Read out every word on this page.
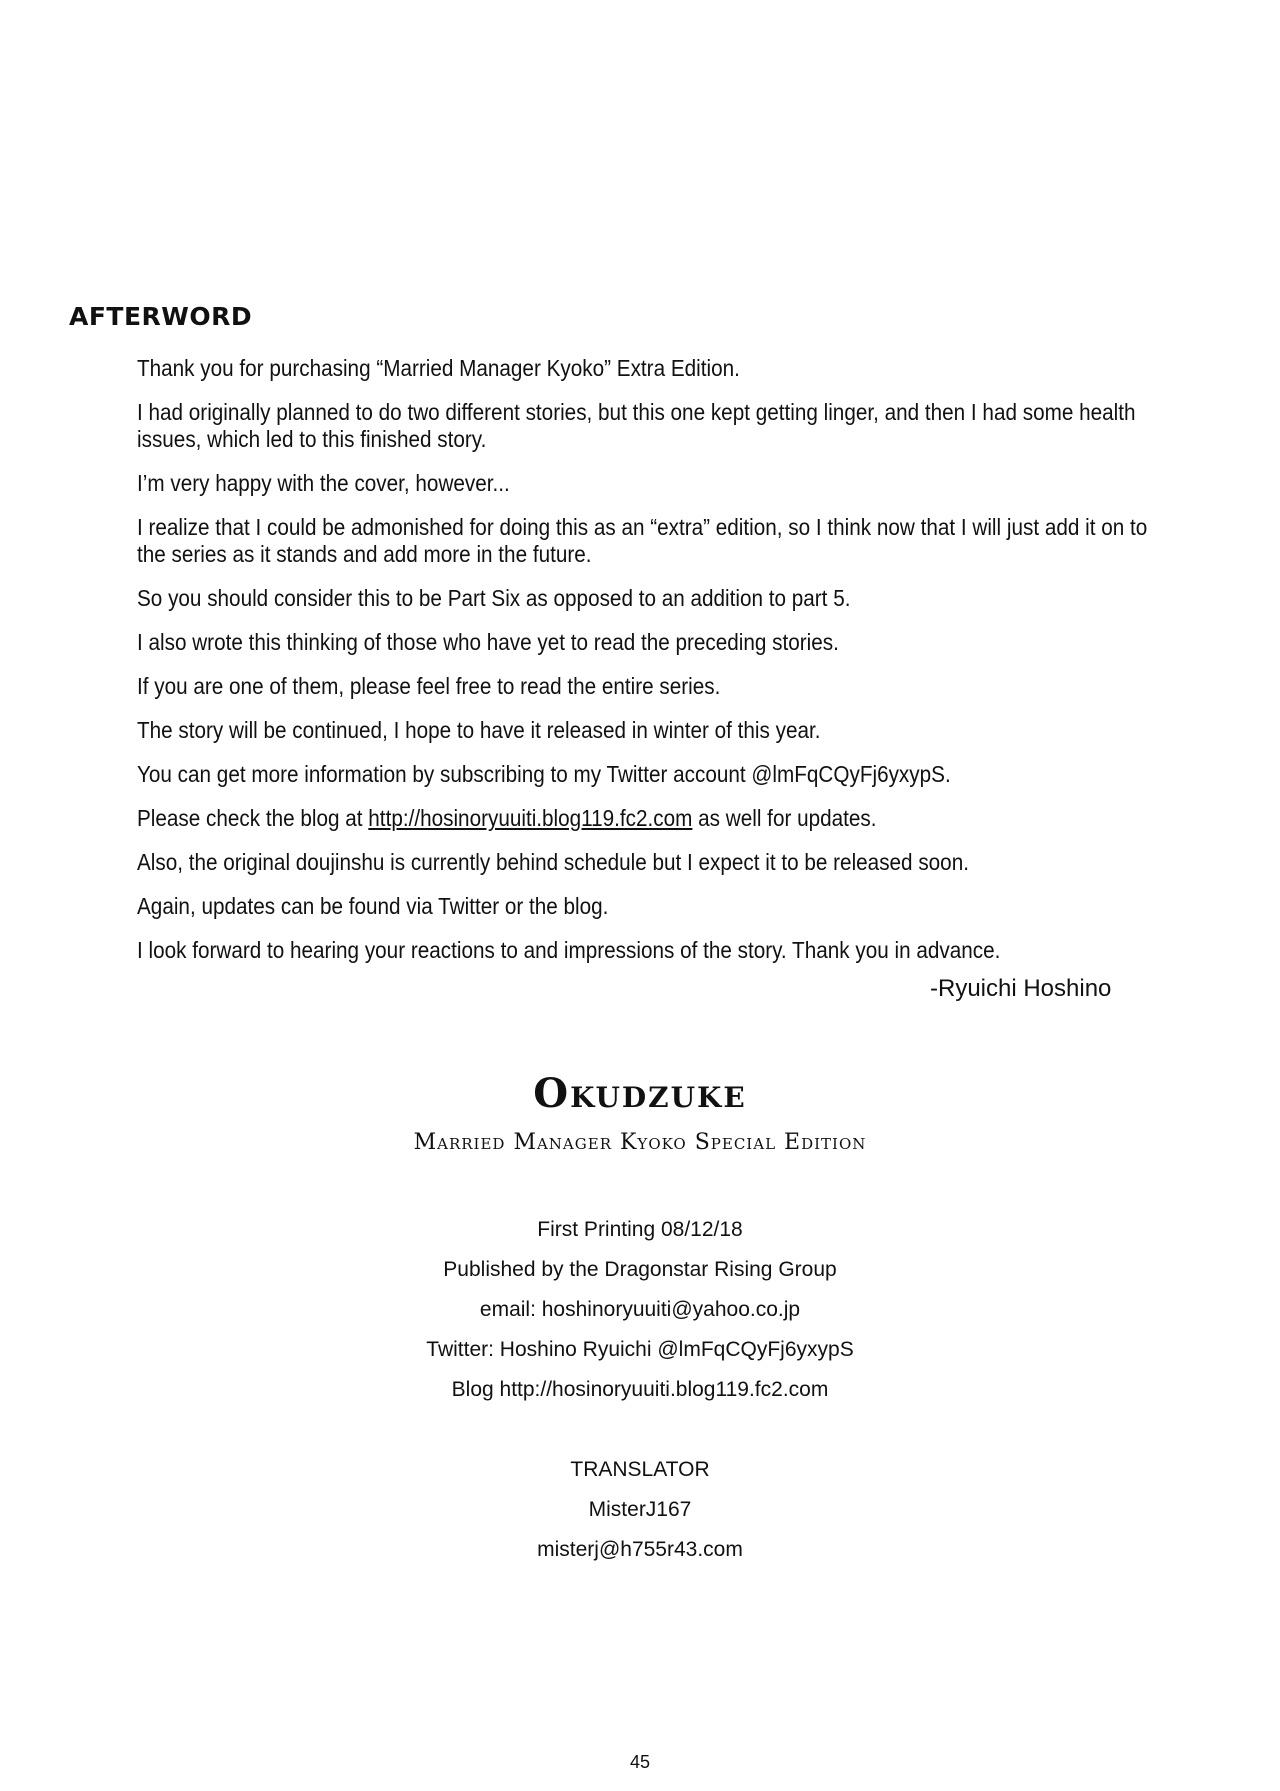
AFTERWORD

Thank you for purchasing “Married Manager Kyoko” Extra Edition.

I had originally planned to do two different stories, but this one kept getting linger, and then I had some health issues, which led to this finished story.

I’m very happy with the cover, however...

I realize that I could be admonished for doing this as an “extra” edition, so I think now that I will just add it on to the series as it stands and add more in the future.

So you should consider this to be Part Six as opposed to an addition to part 5.

I also wrote this thinking of those who have yet to read the preceding stories.

If you are one of them, please feel free to read the entire series.

The story will be continued, I hope to have it released in winter of this year.

You can get more information by subscribing to my Twitter account @lmFqCQyFj6yxypS.

Please check the blog at http://hosinoryuuiti.blog119.fc2.com as well for updates.

Also, the original doujinshu is currently behind schedule but I expect it to be released soon.

Again, updates can be found via Twitter or the blog.

I look forward to hearing your reactions to and impressions of the story. Thank you in advance.

-Ryuichi Hoshino

Okudzuke

Married Manager Kyoko Special Edition

First Printing 08/12/18
Published by the Dragonstar Rising Group
email: hoshinoryuuiti@yahoo.co.jp
Twitter: Hoshino Ryuichi @lmFqCQyFj6yxypS
Blog http://hosinoryuuiti.blog119.fc2.com
TRANSLATOR
MisterJ167
misterj@h755r43.com

45
